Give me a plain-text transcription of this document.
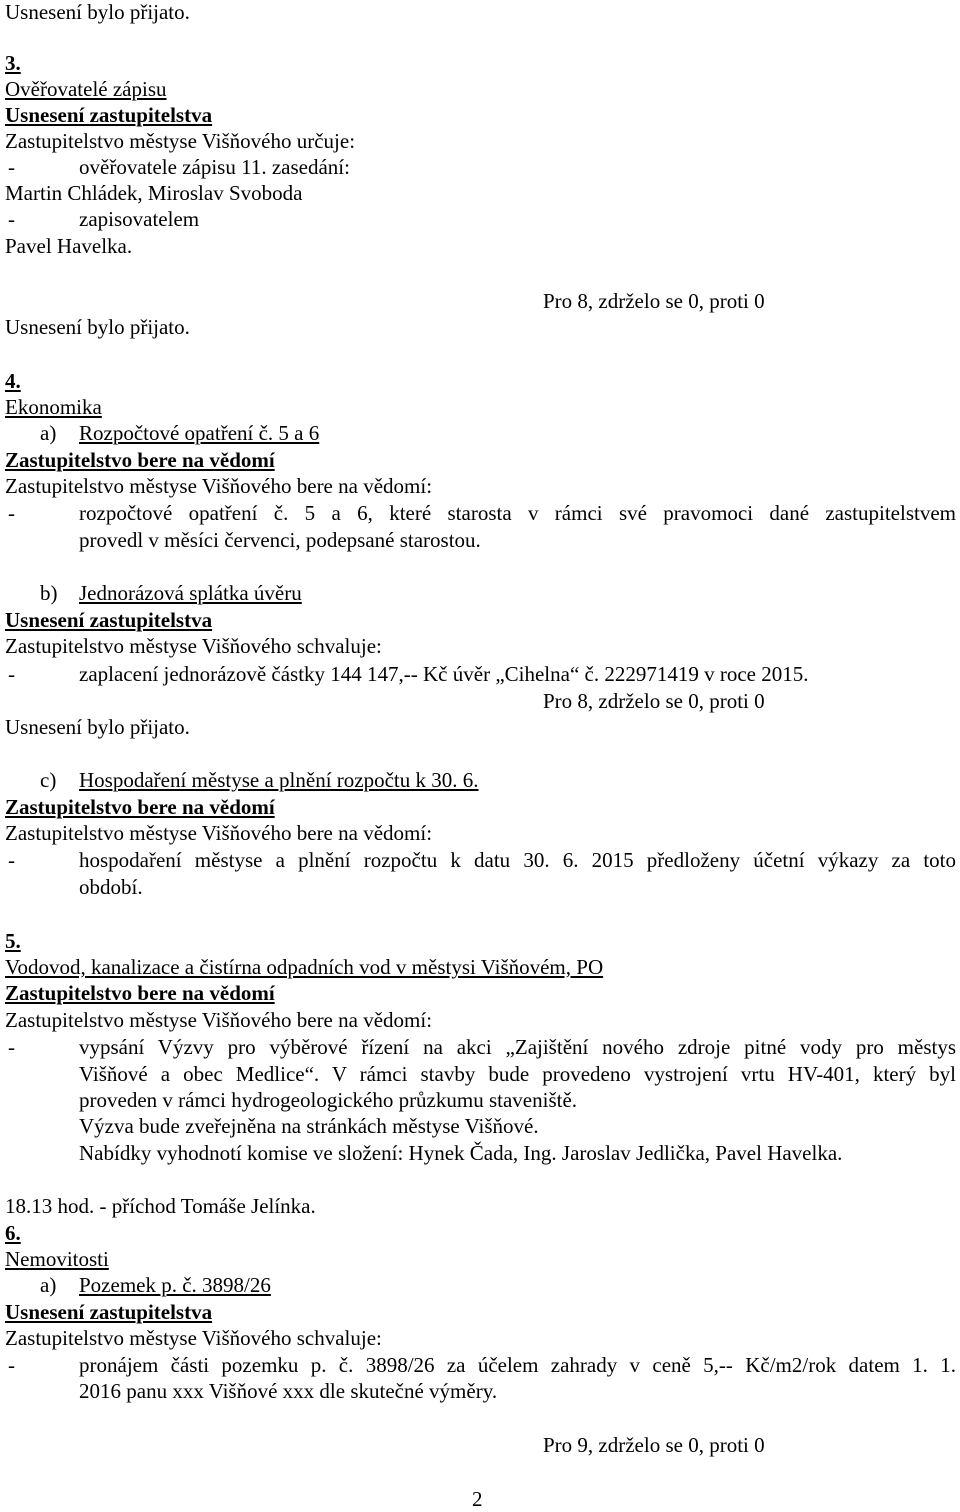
Usnesení bylo přijato.
3.
Ověřovatelé zápisu
Usnesení zastupitelstva
Zastupitelstvo městyse Višňového určuje:
-	ověřovatele zápisu 11. zasedání:
Martin Chládek, Miroslav Svoboda
-	zapisovatelem
Pavel Havelka.
Pro 8, zdrželo se 0, proti 0
Usnesení bylo přijato.
4.
Ekonomika
a) Rozpočtové opatření č. 5 a 6
Zastupitelstvo bere na vědomí
Zastupitelstvo městyse Višňového bere na vědomí:
-	rozpočtové opatření č. 5 a 6, které starosta v rámci své pravomoci dané zastupitelstvem
provedl v měsíci červenci, podepsané starostou.
b) Jednorázová splátka úvěru
Usnesení zastupitelstva
Zastupitelstvo městyse Višňového schvaluje:
-	zaplacení jednorázově částky 144 147,-- Kč úvěr „Cihelna“ č. 222971419 v roce 2015.
Pro 8, zdrželo se 0, proti 0
Usnesení bylo přijato.
c) Hospodaření městyse a plnění rozpočtu k 30. 6.
Zastupitelstvo bere na vědomí
Zastupitelstvo městyse Višňového bere na vědomí:
-	hospodaření městyse a plnění rozpočtu k datu 30. 6. 2015 předloženy účetní výkazy za toto
období.
5.
Vodovod, kanalizace a čistírna odpadních vod v městysi Višňovém, PO
Zastupitelstvo bere na vědomí
Zastupitelstvo městyse Višňového bere na vědomí:
-	vypsání Výzvy pro výběrové řízení na akci „Zajištění nového zdroje pitné vody pro městys
Višňové a obec Medlice“. V rámci stavby bude provedeno vystrojení vrtu HV-401, který byl
proveden v rámci hydrogeologického průzkumu staveniště.
Výzva bude zveřejněna na stránkách městyse Višňové.
Nabídky vyhodnotí komise ve složení: Hynek Čada, Ing. Jaroslav Jedlička, Pavel Havelka.
18.13 hod. - příchod Tomáše Jelínka.
6.
Nemovitosti
a) Pozemek p. č. 3898/26
Usnesení zastupitelstva
Zastupitelstvo městyse Višňového schvaluje:
-	pronájem části pozemku p. č. 3898/26 za účelem zahrady v ceně 5,-- Kč/m2/rok datem 1. 1.
2016 panu xxx Višňové xxx dle skutečné výměry.
Pro 9, zdrželo se 0, proti 0
2
